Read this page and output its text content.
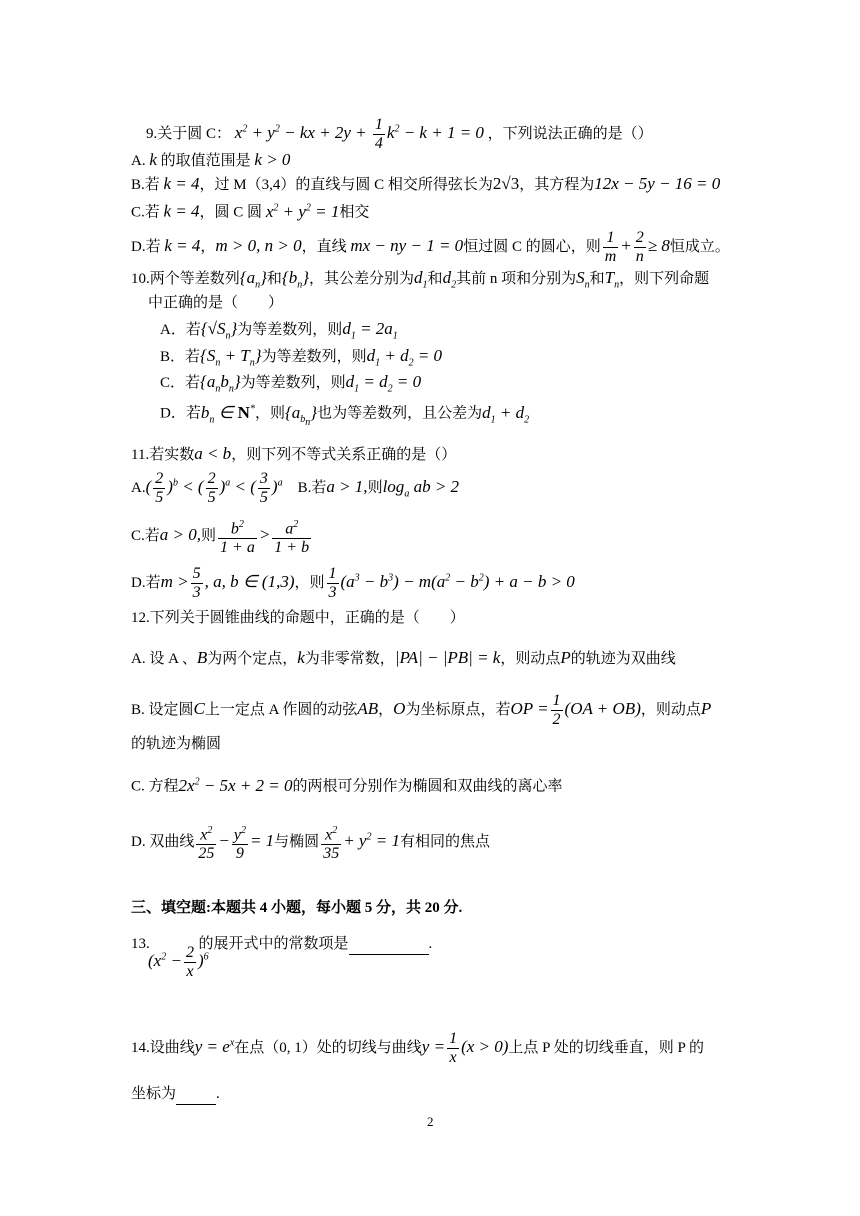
9.关于圆 C： $x^2 + y^2$ − kx + $2y + \frac{1}{4} k^2 - k + 1 = 0$ ，下列说法正确的是（）
A. k 的取值范围是 k > 0
B.若 k = 4，过 M（3,4）的直线与圆 C 相交所得弦长为2√3，其方程为12x − 5y − 16 = 0
C.若 k = 4，圆 C 圆 $x^2 + y^2 = 1$相交
D.若 k = 4，m > 0, n > 0，直线 mx − ny − 1 = 0恒过圆 C 的圆心，则 $\frac{1}{m} + \frac{2}{n} \ge 8$恒成立。
10.两个等差数列$\{a_n\}$和$\{b_n\}$，其公差分别为$d_1$和$d_2$其前 n 项和分别为$S_n$和$T_n$，则下列命题
中正确的是（　　）
A．若$\{√S_n\}$为等差数列，则$d_1 = 2a_1$
B．若$\{S_n + T_n\}$为等差数列，则$d_1 + d_2 = 0$
C．若$\{a_nb_n\}$为等差数列，则$d_1 = d_2 = 0$
D．若$b_n$ ∈ N*，则$\{a_{b_n}\}$也为等差数列，且公差为$d_1 + d_2$
11.若实数a < b，则下列不等式关系正确的是（）
$A.( \frac{2}{5} )^b$ < ( $\frac{2}{5} )^a$ < ( $\frac{3}{5} )^a$ B.若a > 1,则$\log_a$ ab > 2
C.若a > 0,则 $\frac{b^2}{1 + a} > \frac{a^2}{1 + b}$
D.若$m > \frac{5}{3}$ , a, b ∈ (1,3)，则 $\frac{1}{3} (a^3 - b^3) - m(a^2 - b^2) + a - b > 0$
12.下列关于圆锥曲线的命题中，正确的是（　　）
A. 设 A 、B为两个定点，k为非零常数，|PA| − |PB| = k，则动点P的轨迹为双曲线
B. 设定圆C上一定点 A 作圆的动弦AB，O为坐标原点，若OP = $\frac{1}{2} (OA + OB)$，则动点P
的轨迹为椭圆
C. 方程$2x^2 - 5x + 2 = 0$的两根可分别作为椭圆和双曲线的离心率
D. 双曲线 $\frac{x^2}{25} - \frac{y^2}{9} = 1$与椭圆 $\frac{x^2}{35} + y^2 = 1$有相同的焦点
三、填空题:本题共 4 小题，每小题 5 分，共 20 分.
13.	的展开式中的常数项是	.
$(x^2 - \frac{2}{x} )^6$
14.设曲线$y = e^x$在点（0, 1）处的切线与曲线$y = \frac{1}{x} (x > 0)$上点 P 处的切线垂直，则 P 的
坐标为	.
2
